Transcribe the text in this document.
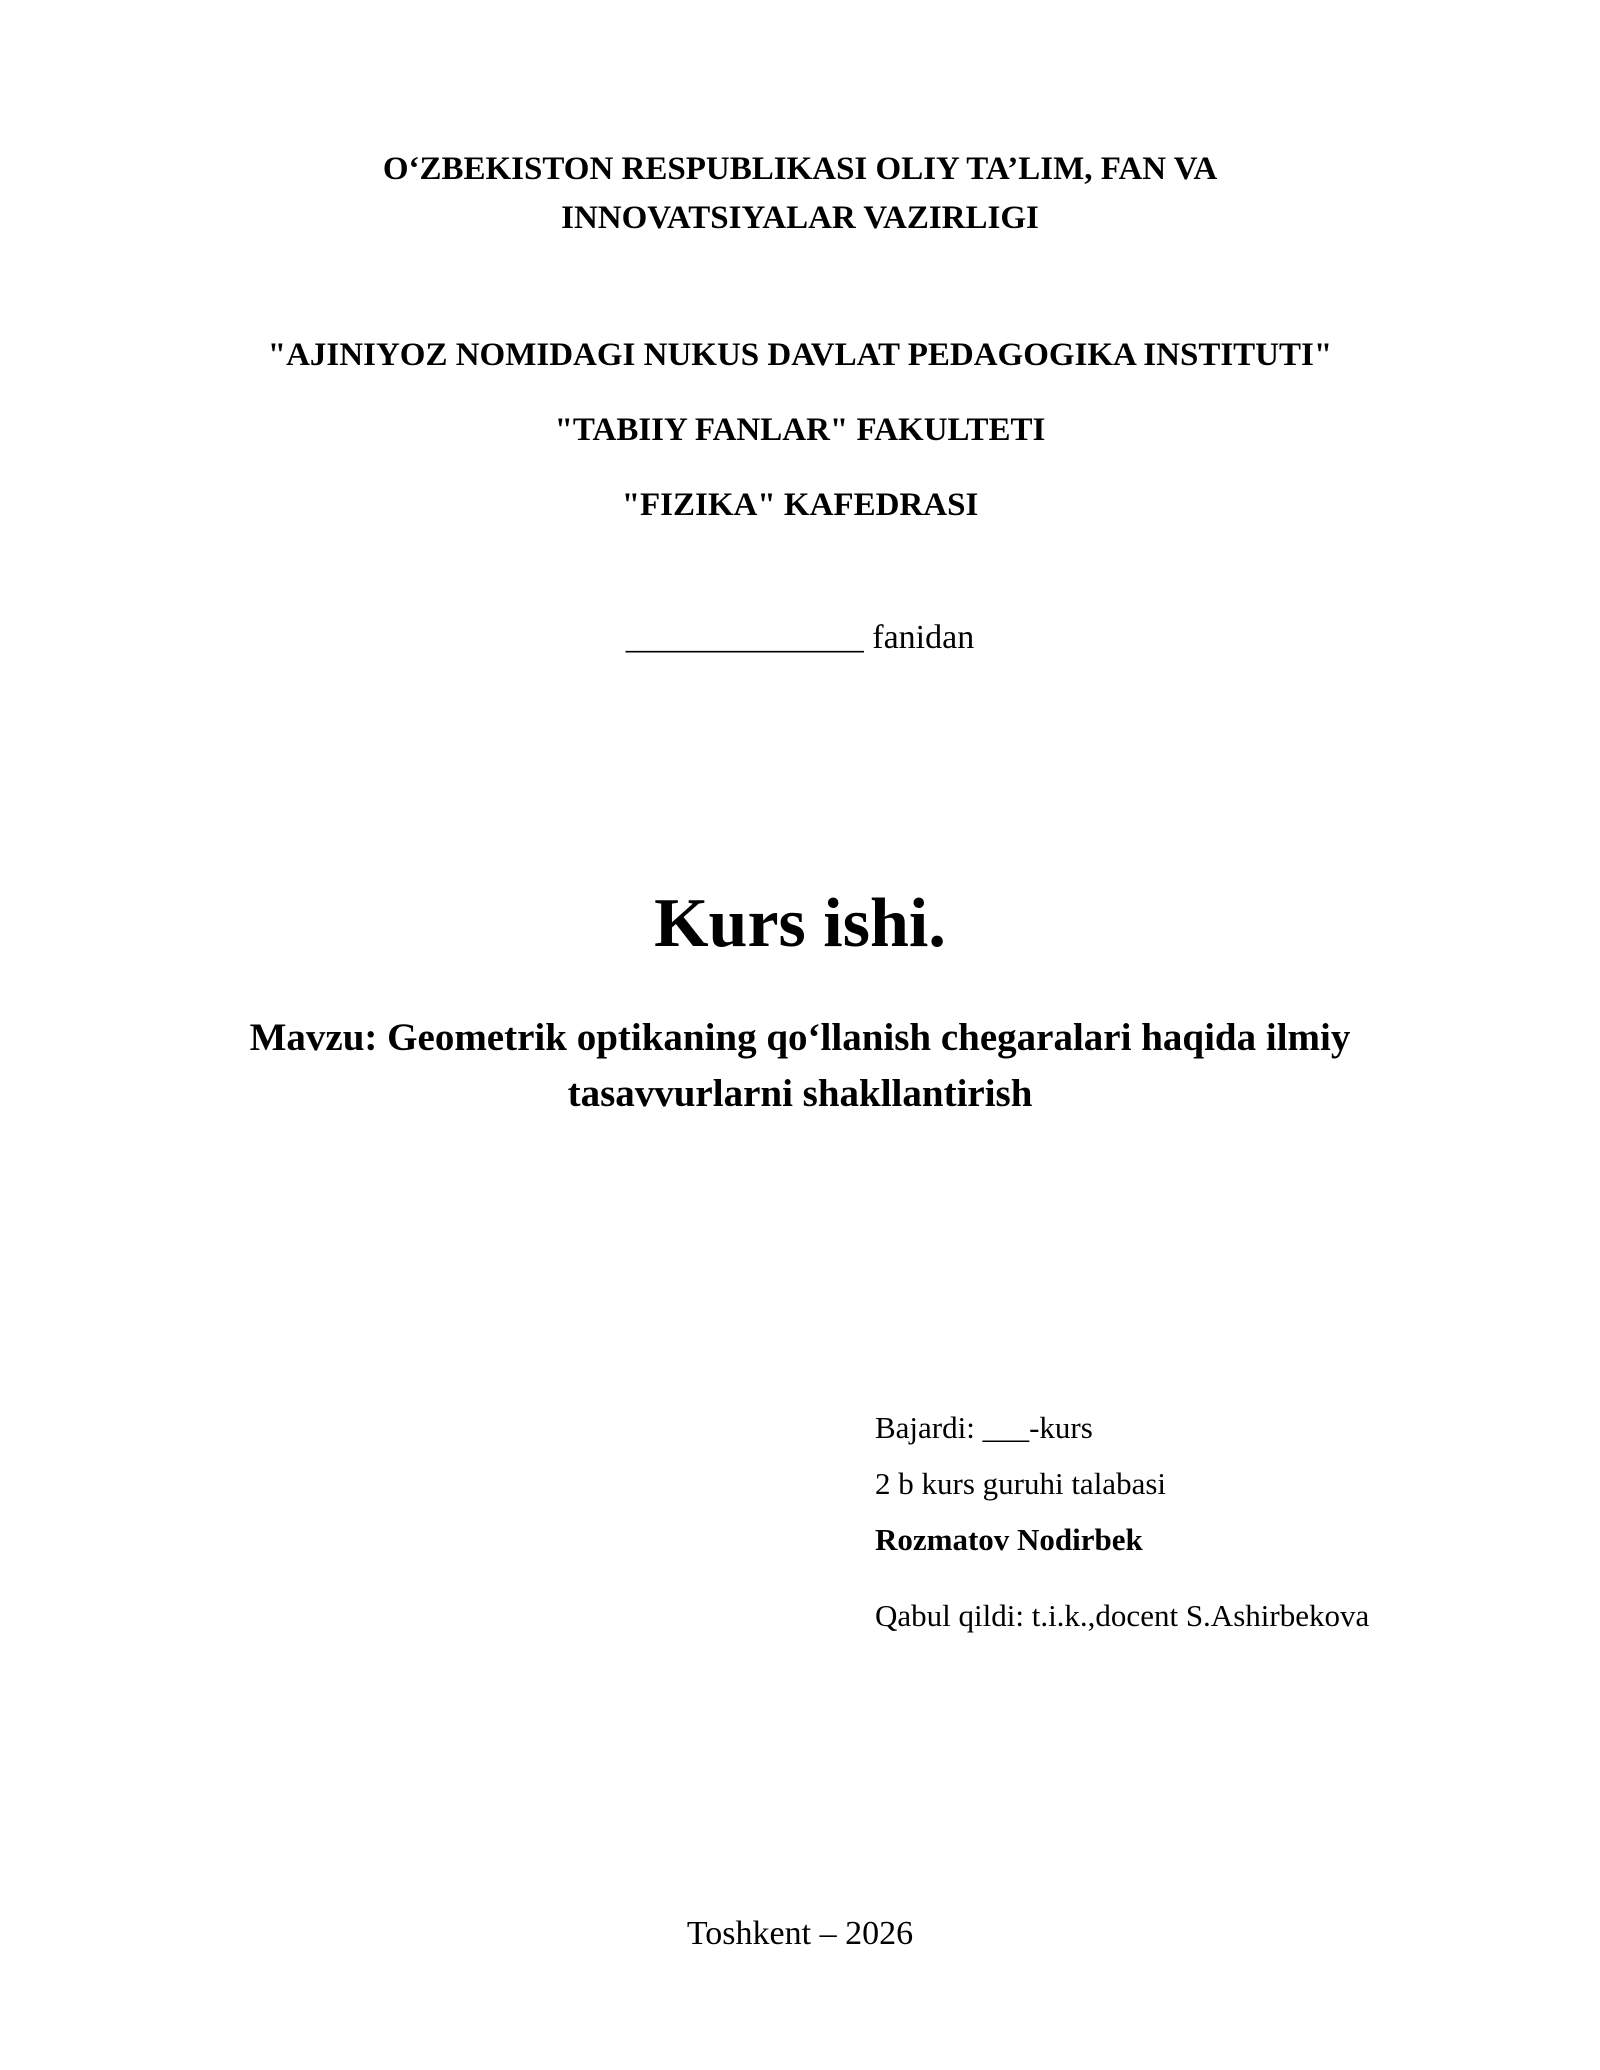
O‘ZBEKISTON RESPUBLIKASI OLIY TA’LIM, FAN VA
INNOVATSIYALAR VAZIRLIGI
"AJINIYOZ NOMIDAGI NUKUS DAVLAT PEDAGOGIKA INSTITUTI"
"TABIIY FANLAR" FAKULTETI
"FIZIKA" KAFEDRASI
______________ fanidan
Kurs ishi.
Mavzu: Geometrik optikaning qo‘llanish chegaralari haqida ilmiy
tasavvurlarni shakllantirish
Bajardi: ___-kurs
2 b kurs guruhi talabasi
Rozmatov Nodirbek
Qabul qildi: t.i.k.,docent S.Ashirbekova
Toshkent – 2026
